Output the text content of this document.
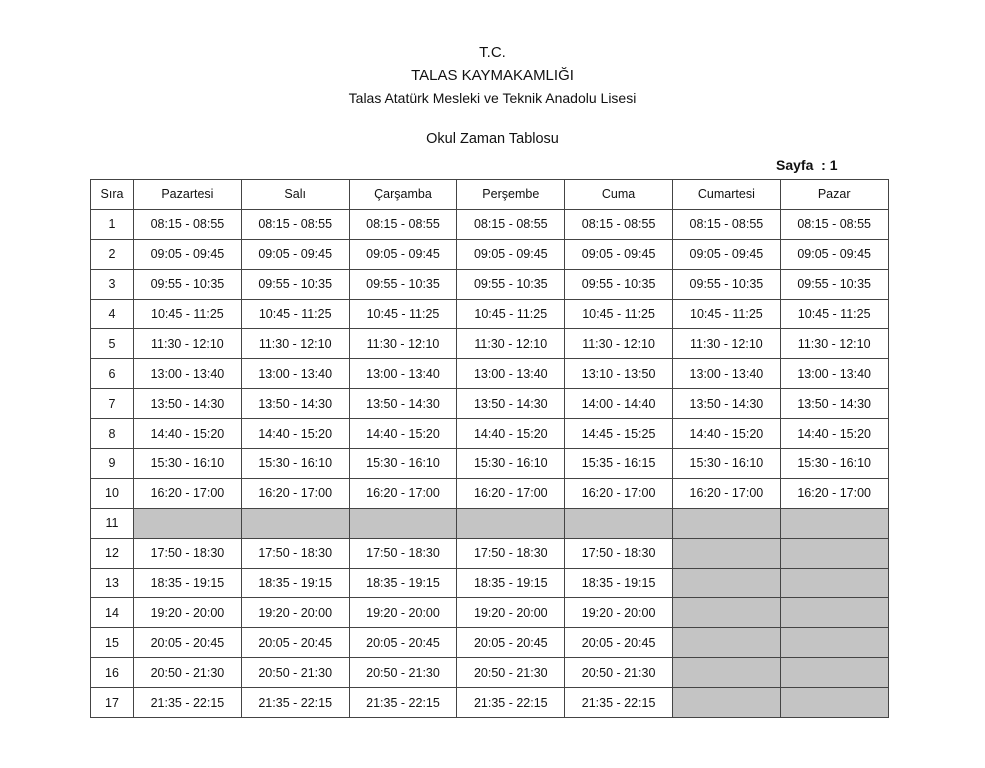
T.C.
TALAS KAYMAKAMLIĞI
Talas Atatürk Mesleki ve Teknik Anadolu Lisesi
Okul Zaman Tablosu
Sayfa  : 1
Sıra	Pazartesi	Salı	Çarşamba	Perşembe	Cuma	Cumartesi	Pazar
1	08:15 - 08:55	08:15 - 08:55	08:15 - 08:55	08:15 - 08:55	08:15 - 08:55	08:15 - 08:55	08:15 - 08:55
2	09:05 - 09:45	09:05 - 09:45	09:05 - 09:45	09:05 - 09:45	09:05 - 09:45	09:05 - 09:45	09:05 - 09:45
3	09:55 - 10:35	09:55 - 10:35	09:55 - 10:35	09:55 - 10:35	09:55 - 10:35	09:55 - 10:35	09:55 - 10:35
4	10:45 - 11:25	10:45 - 11:25	10:45 - 11:25	10:45 - 11:25	10:45 - 11:25	10:45 - 11:25	10:45 - 11:25
5	11:30 - 12:10	11:30 - 12:10	11:30 - 12:10	11:30 - 12:10	11:30 - 12:10	11:30 - 12:10	11:30 - 12:10
6	13:00 - 13:40	13:00 - 13:40	13:00 - 13:40	13:00 - 13:40	13:10 - 13:50	13:00 - 13:40	13:00 - 13:40
7	13:50 - 14:30	13:50 - 14:30	13:50 - 14:30	13:50 - 14:30	14:00 - 14:40	13:50 - 14:30	13:50 - 14:30
8	14:40 - 15:20	14:40 - 15:20	14:40 - 15:20	14:40 - 15:20	14:45 - 15:25	14:40 - 15:20	14:40 - 15:20
9	15:30 - 16:10	15:30 - 16:10	15:30 - 16:10	15:30 - 16:10	15:35 - 16:15	15:30 - 16:10	15:30 - 16:10
10	16:20 - 17:00	16:20 - 17:00	16:20 - 17:00	16:20 - 17:00	16:20 - 17:00	16:20 - 17:00	16:20 - 17:00
11							
12	17:50 - 18:30	17:50 - 18:30	17:50 - 18:30	17:50 - 18:30	17:50 - 18:30		
13	18:35 - 19:15	18:35 - 19:15	18:35 - 19:15	18:35 - 19:15	18:35 - 19:15		
14	19:20 - 20:00	19:20 - 20:00	19:20 - 20:00	19:20 - 20:00	19:20 - 20:00		
15	20:05 - 20:45	20:05 - 20:45	20:05 - 20:45	20:05 - 20:45	20:05 - 20:45		
16	20:50 - 21:30	20:50 - 21:30	20:50 - 21:30	20:50 - 21:30	20:50 - 21:30		
17	21:35 - 22:15	21:35 - 22:15	21:35 - 22:15	21:35 - 22:15	21:35 - 22:15		
